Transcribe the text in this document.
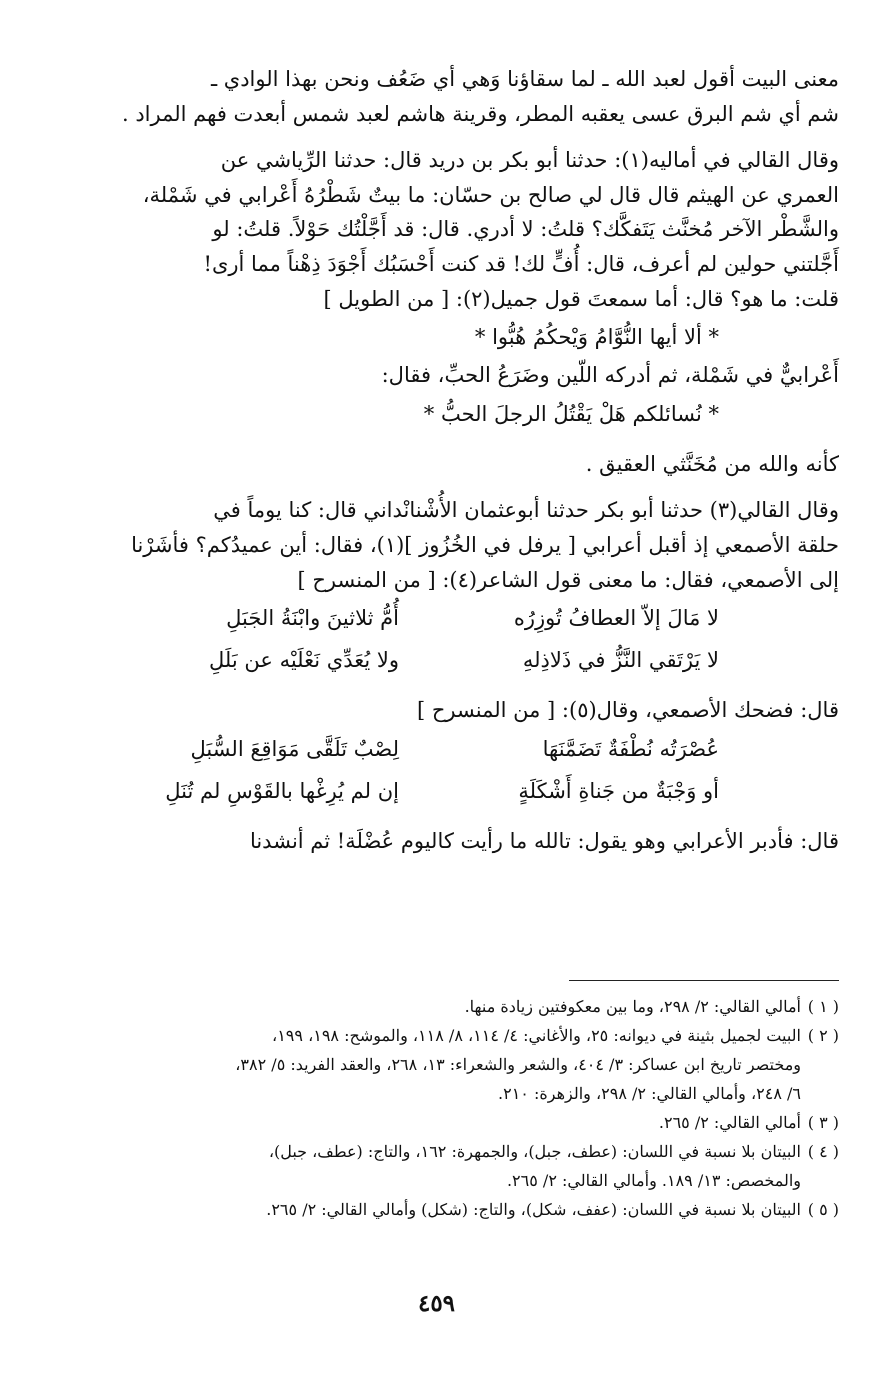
معنى البيت أقول لعبد الله ـ لما سقاؤنا وَهي أي ضَعُف ونحن بهذا الوادي ـ
شم أي شم البرق عسى يعقبه المطر، وقرينة هاشم لعبد شمس أبعدت فهم المراد .
وقال القالي في أماليه(١): حدثنا أبو بكر بن دريد قال: حدثنا الرِّياشي عن
العمري عن الهيثم قال قال لي صالح بن حسّان: ما بيتٌ شَطْرُهُ أَعْرابي في شَمْلة،
والشَّطْر الآخر مُخنَّث يَتَفكَّك؟ قلتُ: لا أدري. قال: قد أَجَّلْتُك حَوْلاً. قلتُ: لو
أَجَّلتني حولين لم أعرف، قال: أُفٍّ لك! قد كنت أَحْسَبُك أَجْوَدَ ذِهْناً مما أرى!
قلت: ما هو؟ قال: أما سمعتَ قول جميل(٢): [ من الطويل ]
* ألا أيها النُّوَّامُ وَيْحكُمُ هُبُّوا *
أَعْرابيٌّ في شَمْلة، ثم أدركه اللّين وضَرَعُ الحبِّ، فقال:
* نُسائلكم هَلْ يَقْتُلُ الرجلَ الحبُّ *
كأنه والله من مُخَنَّثي العقيق .
وقال القالي(٣) حدثنا أبو بكر حدثنا أبوعثمان الأُشْنانْداني قال: كنا يوماً في
حلقة الأصمعي إذ أقبل أعرابي [ يرفل في الخُزُوز ](١)، فقال: أين عميدُكم؟ فأشَرْنا
إلى الأصمعي، فقال: ما معنى قول الشاعر(٤): [ من المنسرح ]
لا مَالَ إلاّ العطافُ تُوزِرُه
أُمُّ ثلاثينَ وابْنَةُ الجَبَلِ
لا يَرْتَقي النَّزُّ في ذَلاذِلهِ
ولا يُعَدِّي نَعْلَيْه عن بَلَلِ
قال: فضحك الأصمعي، وقال(٥): [ من المنسرح ]
عُصْرَتُه نُطْفَةٌ تَضَمَّنَهَا
لِصْبٌ تَلَقَّى مَوَاقِعَ السُّبَلِ
أو وَجْبَةٌ من جَناةِ أَشْكَلَةٍ
إن لم يُرِغْها بالقَوْسِ لم تُنَلِ
قال: فأدبر الأعرابي وهو يقول: تالله ما رأيت كاليوم عُضْلَة! ثم أنشدنا
( ١ )
أمالي القالي: ٢/ ٢٩٨، وما بين معكوفتين زيادة منها.
( ٢ )
البيت لجميل بثينة في ديوانه: ٢٥، والأغاني: ٤/ ١١٤، ٨/ ١١٨، والموشح: ١٩٨، ١٩٩،
ومختصر تاريخ ابن عساكر: ٣/ ٤٠٤، والشعر والشعراء: ١٣، ٢٦٨، والعقد الفريد: ٥/ ٣٨٢،
٦/ ٢٤٨، وأمالي القالي: ٢/ ٢٩٨، والزهرة: ٢١٠.
( ٣ )
أمالي القالي: ٢/ ٢٦٥.
( ٤ )
البيتان بلا نسبة في اللسان: (عطف، جبل)، والجمهرة: ١٦٢، والتاج: (عطف، جبل)،
والمخصص: ١٣/ ١٨٩. وأمالي القالي: ٢/ ٢٦٥.
( ٥ )
البيتان بلا نسبة في اللسان: (عفف، شكل)، والتاج: (شكل) وأمالي القالي: ٢/ ٢٦٥.
٤٥٩
